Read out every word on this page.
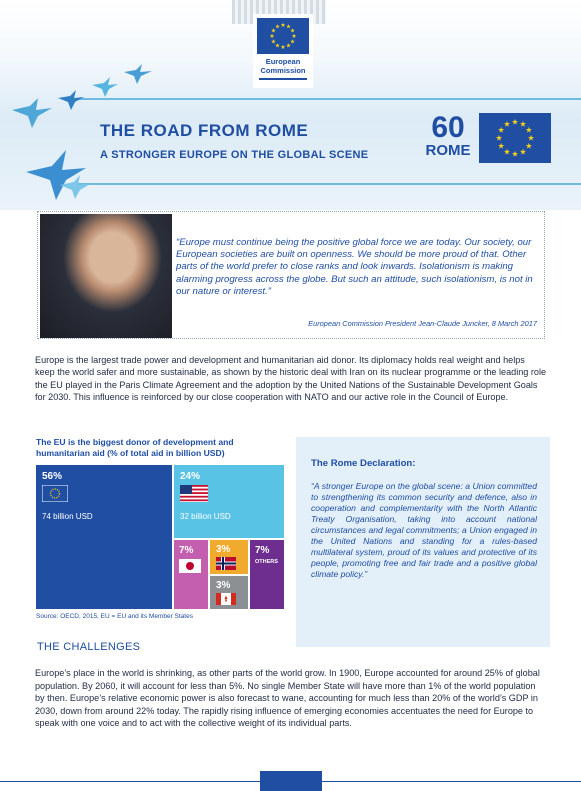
European Commission
THE ROAD FROM ROME
A STRONGER EUROPE ON THE GLOBAL SCENE
60
ROME
“Europe must continue being the positive global force we are today. Our society, our European societies are built on openness. We should be more proud of that. Other parts of the world prefer to close ranks and look inwards. Isolationism is making alarming progress across the globe. But such an attitude, such isolationism, is not in our nature or interest.”
European Commission President Jean-Claude Juncker, 8 March 2017
Europe is the largest trade power and development and humanitarian aid donor. Its diplomacy holds real weight and helps keep the world safer and more sustainable, as shown by the historic deal with Iran on its nuclear programme or the leading role the EU played in the Paris Climate Agreement and the adoption by the United Nations of the Sustainable Development Goals for 2030. This influence is reinforced by our close cooperation with NATO and our active role in the Council of Europe.
The EU is the biggest donor of development and humanitarian aid (% of total aid in billion USD)
56%
74 billion USD
24%
32 billion USD
7% 3%
3%
7%
OTHERS
Source: OECD, 2015, EU = EU and its Member States
The Rome Declaration:
“A stronger Europe on the global scene: a Union committed to strengthening its common security and defence, also in cooperation and complementarity with the North Atlantic Treaty Organisation, taking into account national circumstances and legal commitments; a Union engaged in the United Nations and standing for a rules-based multilateral system, proud of its values and protective of its people, promoting free and fair trade and a positive global climate policy.”
THE CHALLENGES
Europe’s place in the world is shrinking, as other parts of the world grow. In 1900, Europe accounted for around 25% of global population. By 2060, it will account for less than 5%. No single Member State will have more than 1% of the world population by then. Europe’s relative economic power is also forecast to wane, accounting for much less than 20% of the world’s GDP in 2030, down from around 22% today. The rapidly rising influence of emerging economies accentuates the need for Europe to speak with one voice and to act with the collective weight of its individual parts.
